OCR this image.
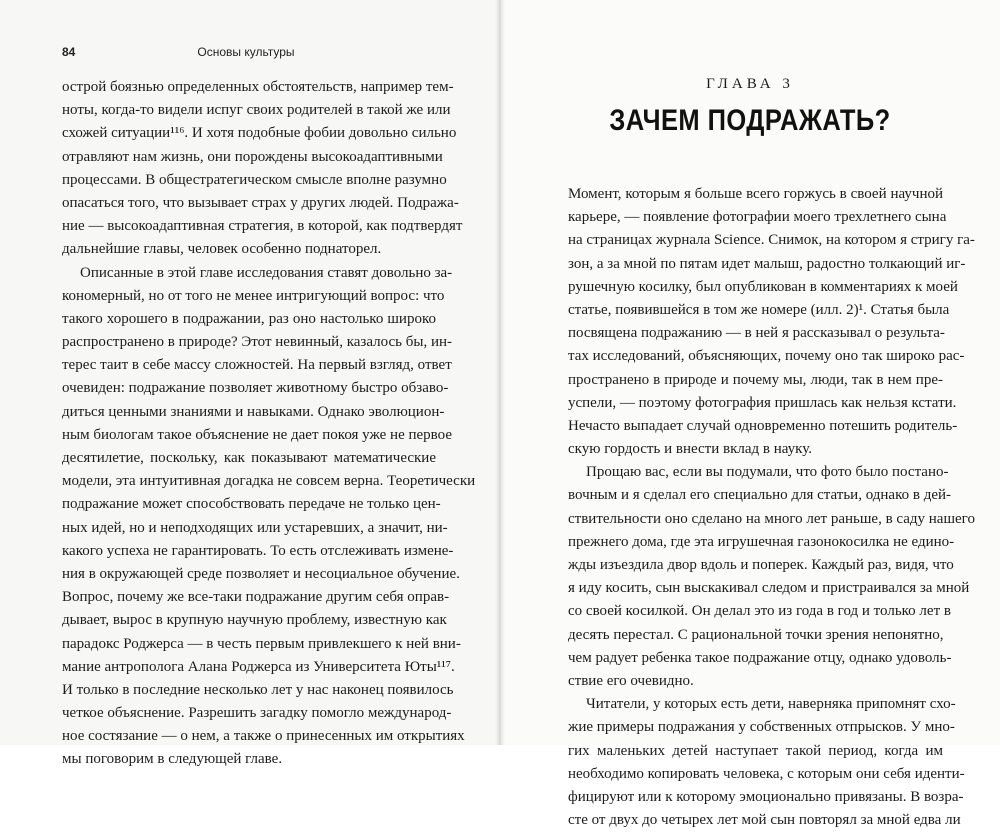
84	Основы культуры
острой боязнью определенных обстоятельств, например тем-
ноты, когда-то видели испуг своих родителей в такой же или
схожей ситуации¹¹⁶. И хотя подобные фобии довольно сильно
отравляют нам жизнь, они порождены высокоадаптивными
процессами. В общестратегическом смысле вполне разумно
опасаться того, что вызывает страх у других людей. Подража-
ние — высокоадаптивная стратегия, в которой, как подтвердят
дальнейшие главы, человек особенно поднаторел.
Описанные в этой главе исследования ставят довольно за-
кономерный, но от того не менее интригующий вопрос: что
такого хорошего в подражании, раз оно настолько широко
распространено в природе? Этот невинный, казалось бы, ин-
терес таит в себе массу сложностей. На первый взгляд, ответ
очевиден: подражание позволяет животному быстро обзаво-
диться ценными знаниями и навыками. Однако эволюцион-
ным биологам такое объяснение не дает покоя уже не первое
десятилетие, поскольку, как показывают математические
модели, эта интуитивная догадка не совсем верна. Теоретически
подражание может способствовать передаче не только цен-
ных идей, но и неподходящих или устаревших, а значит, ни-
какого успеха не гарантировать. То есть отслеживать измене-
ния в окружающей среде позволяет и несоциальное обучение.
Вопрос, почему же все-таки подражание другим себя оправ-
дывает, вырос в крупную научную проблему, известную как
парадокс Роджерса — в честь первым привлекшего к ней вни-
мание антрополога Алана Роджерса из Университета Юты¹¹⁷.
И только в последние несколько лет у нас наконец появилось
четкое объяснение. Разрешить загадку помогло международ-
ное состязание — о нем, а также о принесенных им открытиях
мы поговорим в следующей главе.
ГЛАВА 3
ЗАЧЕМ ПОДРАЖАТЬ?
Момент, которым я больше всего горжусь в своей научной
карьере, — появление фотографии моего трехлетнего сына
на страницах журнала Science. Снимок, на котором я стригу га-
зон, а за мной по пятам идет малыш, радостно толкающий иг-
рушечную косилку, был опубликован в комментариях к моей
статье, появившейся в том же номере (илл. 2)¹. Статья была
посвящена подражанию — в ней я рассказывал о результа-
тах исследований, объясняющих, почему оно так широко рас-
пространено в природе и почему мы, люди, так в нем пре-
успели, — поэтому фотография пришлась как нельзя кстати.
Нечасто выпадает случай одновременно потешить родитель-
скую гордость и внести вклад в науку.
Прощаю вас, если вы подумали, что фото было постано-
вочным и я сделал его специально для статьи, однако в дей-
ствительности оно сделано на много лет раньше, в саду нашего
прежнего дома, где эта игрушечная газонокосилка не едино-
жды изъездила двор вдоль и поперек. Каждый раз, видя, что
я иду косить, сын выскакивал следом и пристраивался за мной
со своей косилкой. Он делал это из года в год и только лет в
десять перестал. С рациональной точки зрения непонятно,
чем радует ребенка такое подражание отцу, однако удоволь-
ствие его очевидно.
Читатели, у которых есть дети, наверняка припомнят схо-
жие примеры подражания у собственных отпрысков. У мно-
гих маленьких детей наступает такой период, когда им
необходимо копировать человека, с которым они себя иденти-
фицируют или к которому эмоционально привязаны. В возра-
сте от двух до четырех лет мой сын повторял за мной едва ли
